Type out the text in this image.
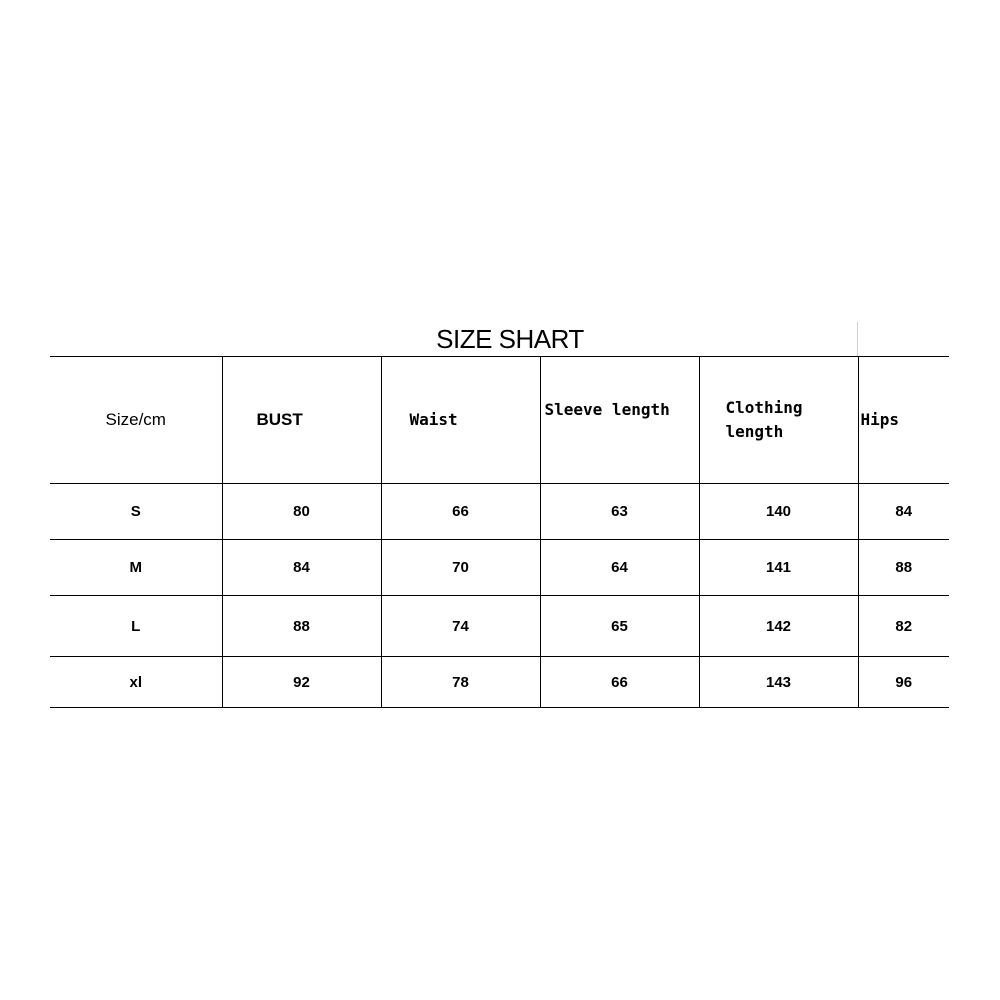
SIZE SHART
Size/cm	BUST	Waist	Sleeve length	Clothing length	Hips
S	80	66	63	140	84
M	84	70	64	141	88
L	88	74	65	142	82
xl	92	78	66	143	96
